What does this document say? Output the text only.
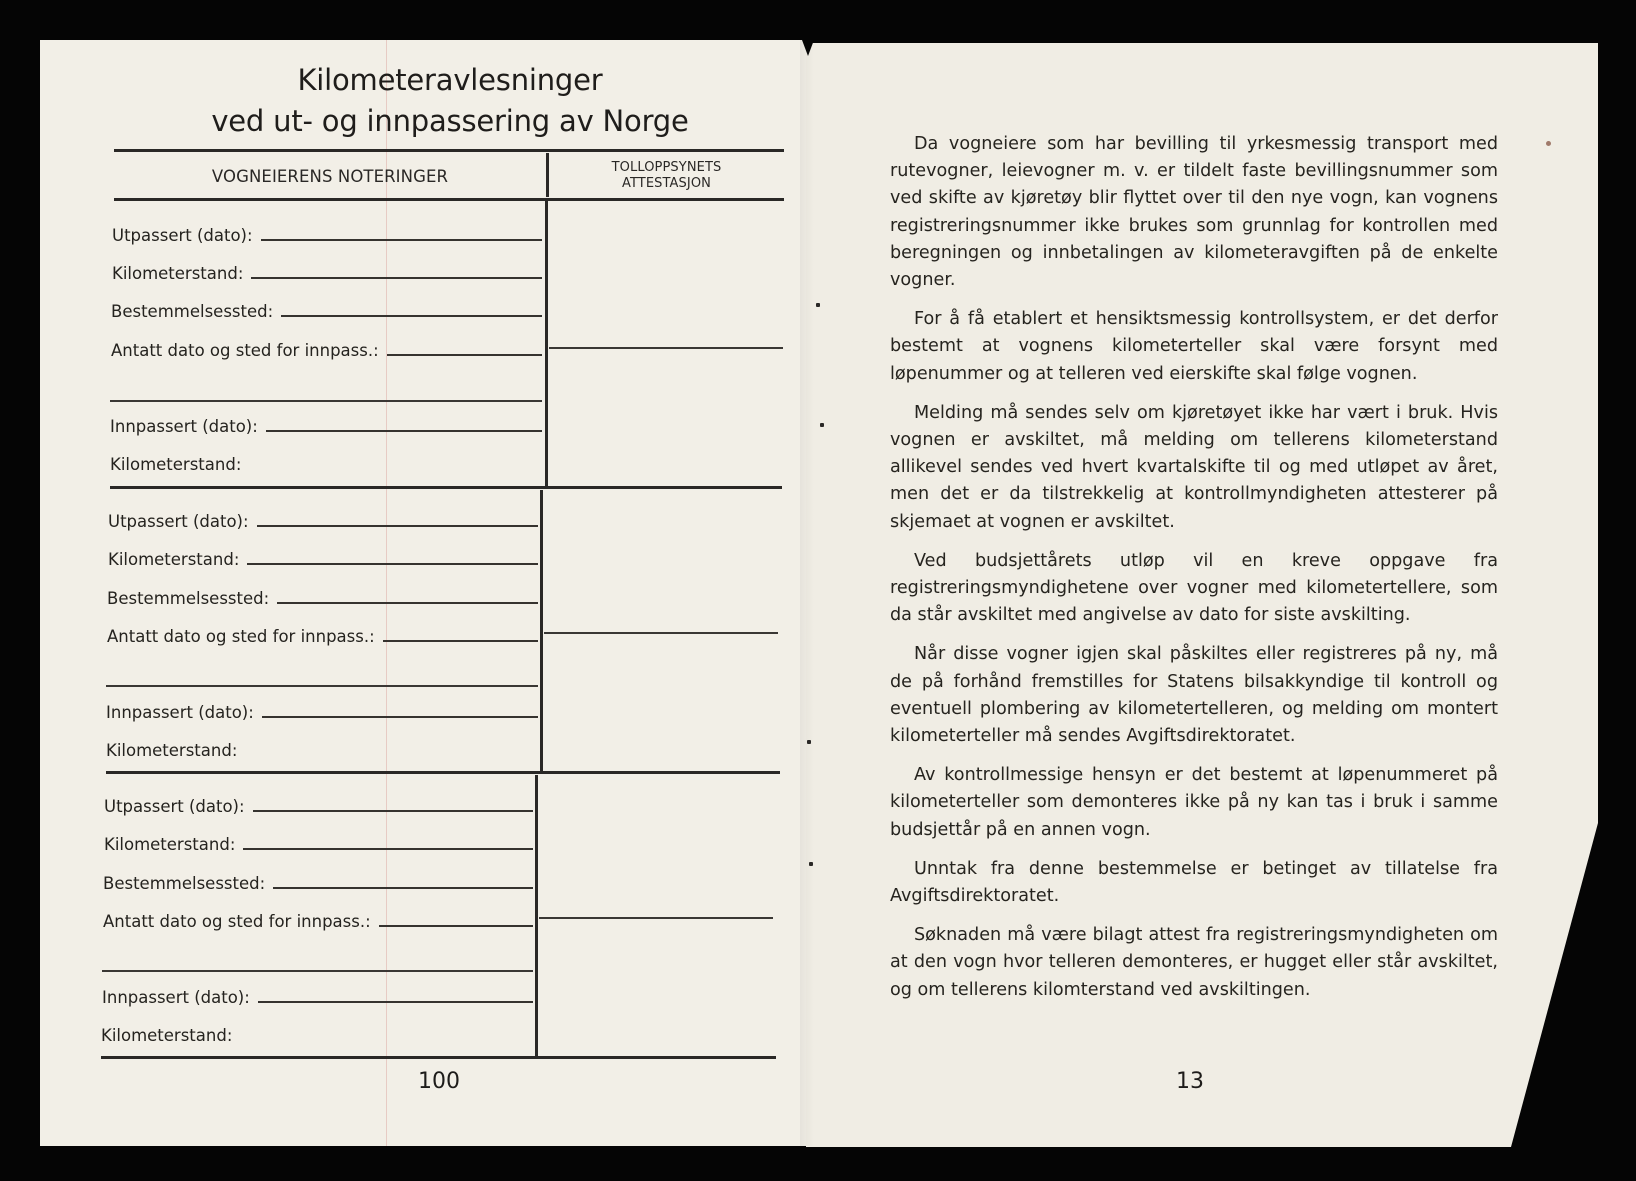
Kilometeravlesninger
ved ut- og innpassering av Norge
VOGNEIERENS NOTERINGER	TOLLOPPSYNETS
ATTESTASJON
Utpassert (dato):
Kilometerstand:
Bestemmelsessted:
Antatt dato og sted for innpass.:
Innpassert (dato):
Kilometerstand:
Utpassert (dato):
Kilometerstand:
Bestemmelsessted:
Antatt dato og sted for innpass.:
Innpassert (dato):
Kilometerstand:
Utpassert (dato):
Kilometerstand:
Bestemmelsessted:
Antatt dato og sted for innpass.:
Innpassert (dato):
Kilometerstand:
100

Da vogneiere som har bevilling til yrkesmessig transport med rutevogner, leievogner m. v. er tildelt faste bevillingsnummer som ved skifte av kjøretøy blir flyttet over til den nye vogn, kan vognens registreringsnummer ikke brukes som grunnlag for kontrollen med beregningen og innbetalingen av kilometeravgiften på de enkelte vogner.

For å få etablert et hensiktsmessig kontrollsystem, er det derfor bestemt at vognens kilometerteller skal være forsynt med løpenummer og at telleren ved eierskifte skal følge vognen.

Melding må sendes selv om kjøretøyet ikke har vært i bruk. Hvis vognen er avskiltet, må melding om tellerens kilometerstand allikevel sendes ved hvert kvartalskifte til og med utløpet av året, men det er da tilstrekkelig at kontrollmyndigheten attesterer på skjemaet at vognen er avskiltet.

Ved budsjettårets utløp vil en kreve oppgave fra registreringsmyndighetene over vogner med kilometertellere, som da står avskiltet med angivelse av dato for siste avskilting.

Når disse vogner igjen skal påskiltes eller registreres på ny, må de på forhånd fremstilles for Statens bilsakkyndige til kontroll og eventuell plombering av kilometertelleren, og melding om montert kilometerteller må sendes Avgiftsdirektoratet.

Av kontrollmessige hensyn er det bestemt at løpenummeret på kilometerteller som demonteres ikke på ny kan tas i bruk i samme budsjettår på en annen vogn.

Unntak fra denne bestemmelse er betinget av tillatelse fra Avgiftsdirektoratet.

Søknaden må være bilagt attest fra registreringsmyndigheten om at den vogn hvor telleren demonteres, er hugget eller står avskiltet, og om tellerens kilomterstand ved avskiltingen.

13
